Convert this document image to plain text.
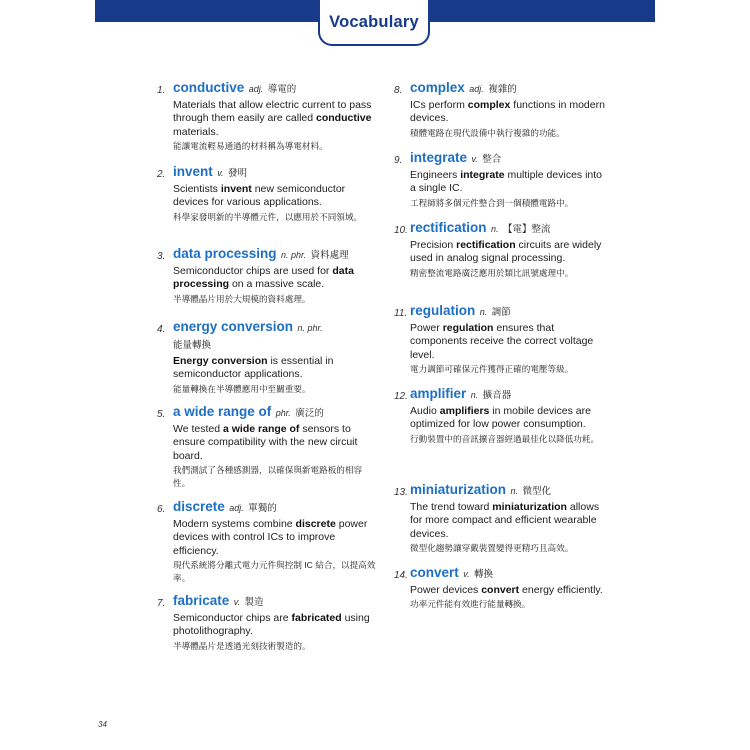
Vocabulary
1. conductive adj. 導電的
Materials that allow electric current to pass through them easily are called conductive materials.
能讓電流輕易通過的材料稱為導電材料。
2. invent v. 發明
Scientists invent new semiconductor devices for various applications.
科學家發明新的半導體元件，以應用於不同領域。
3. data processing n. phr. 資料處理
Semiconductor chips are used for data processing on a massive scale.
半導體晶片用於大規模的資料處理。
4. energy conversion n. phr.
能量轉換
Energy conversion is essential in semiconductor applications.
能量轉換在半導體應用中至關重要。
5. a wide range of phr. 廣泛的
We tested a wide range of sensors to ensure compatibility with the new circuit board.
我們測試了各種感測器，以確保與新電路板的相容性。
6. discrete adj. 單獨的
Modern systems combine discrete power devices with control ICs to improve efficiency.
現代系統將分離式電力元件與控制 IC 結合，以提高效率。
7. fabricate v. 製造
Semiconductor chips are fabricated using photolithography.
半導體晶片是透過光刻技術製造的。
8. complex adj. 複雜的
ICs perform complex functions in modern devices.
積體電路在現代設備中執行複雜的功能。
9. integrate v. 整合
Engineers integrate multiple devices into a single IC.
工程師將多個元件整合到一個積體電路中。
10. rectification n. 【電】整流
Precision rectification circuits are widely used in analog signal processing.
精密整流電路廣泛應用於類比訊號處理中。
11. regulation n. 調節
Power regulation ensures that components receive the correct voltage level.
電力調節可確保元件獲得正確的電壓等級。
12. amplifier n. 擴音器
Audio amplifiers in mobile devices are optimized for low power consumption.
行動裝置中的音訊擴音器經過最佳化以降低功耗。
13. miniaturization n. 微型化
The trend toward miniaturization allows for more compact and efficient wearable devices.
微型化趨勢讓穿戴裝置變得更精巧且高效。
14. convert v. 轉換
Power devices convert energy efficiently.
功率元件能有效進行能量轉換。
34
